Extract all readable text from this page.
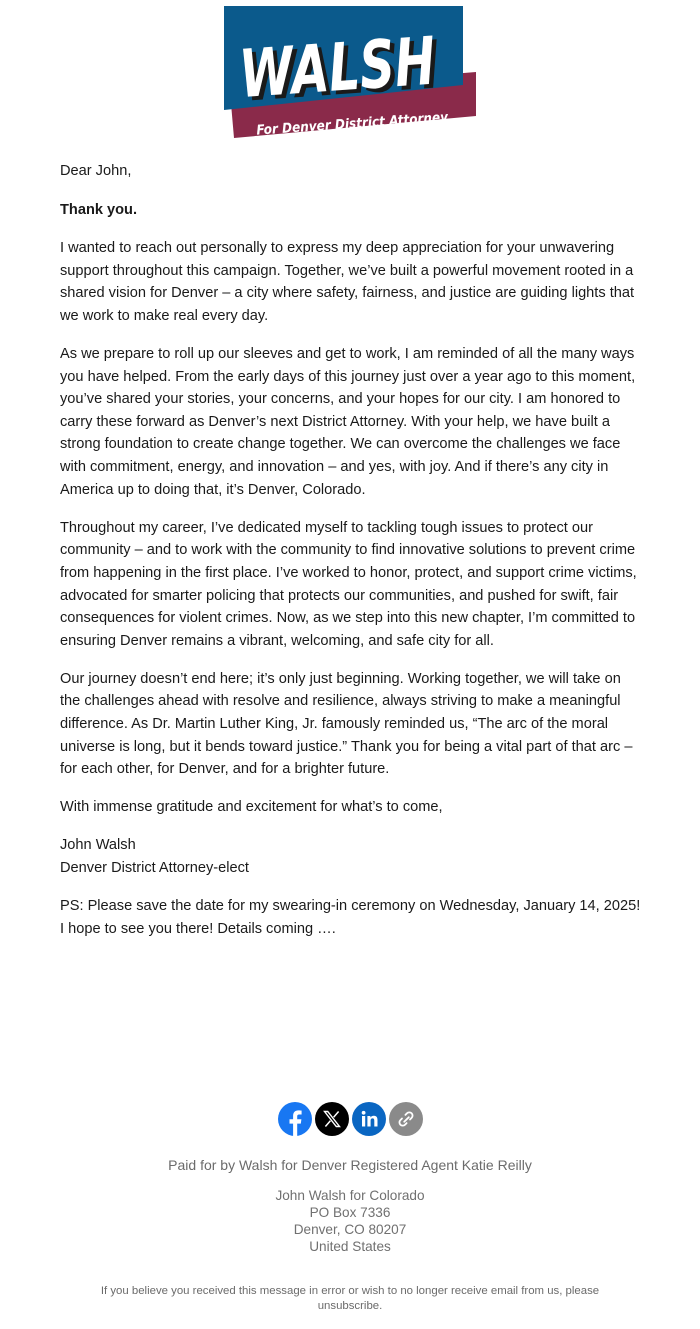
WALSH
WALSH
For Denver District Attorney

Dear John,

Thank you.

I wanted to reach out personally to express my deep appreciation for your unwavering support throughout this campaign. Together, we’ve built a powerful movement rooted in a shared vision for Denver – a city where safety, fairness, and justice are guiding lights that we work to make real every day.

As we prepare to roll up our sleeves and get to work, I am reminded of all the many ways you have helped. From the early days of this journey just over a year ago to this moment, you’ve shared your stories, your concerns, and your hopes for our city. I am honored to carry these forward as Denver’s next District Attorney. With your help, we have built a strong foundation to create change together. We can overcome the challenges we face with commitment, energy, and innovation – and yes, with joy. And if there’s any city in America up to doing that, it’s Denver, Colorado.

Throughout my career, I’ve dedicated myself to tackling tough issues to protect our community – and to work with the community to find innovative solutions to prevent crime from happening in the first place. I’ve worked to honor, protect, and support crime victims, advocated for smarter policing that protects our communities, and pushed for swift, fair consequences for violent crimes. Now, as we step into this new chapter, I’m committed to ensuring Denver remains a vibrant, welcoming, and safe city for all.

Our journey doesn’t end here; it’s only just beginning. Working together, we will take on the challenges ahead with resolve and resilience, always striving to make a meaningful difference. As Dr. Martin Luther King, Jr. famously reminded us, “The arc of the moral universe is long, but it bends toward justice.” Thank you for being a vital part of that arc – for each other, for Denver, and for a brighter future.

With immense gratitude and excitement for what’s to come,

John Walsh
Denver District Attorney-elect

PS: Please save the date for my swearing-in ceremony on Wednesday, January 14, 2025! I hope to see you there! Details coming ….

Paid for by Walsh for Denver Registered Agent Katie Reilly
John Walsh for Colorado
PO Box 7336
Denver, CO 80207
United States
If you believe you received this message in error or wish to no longer receive email from us, please unsubscribe.
